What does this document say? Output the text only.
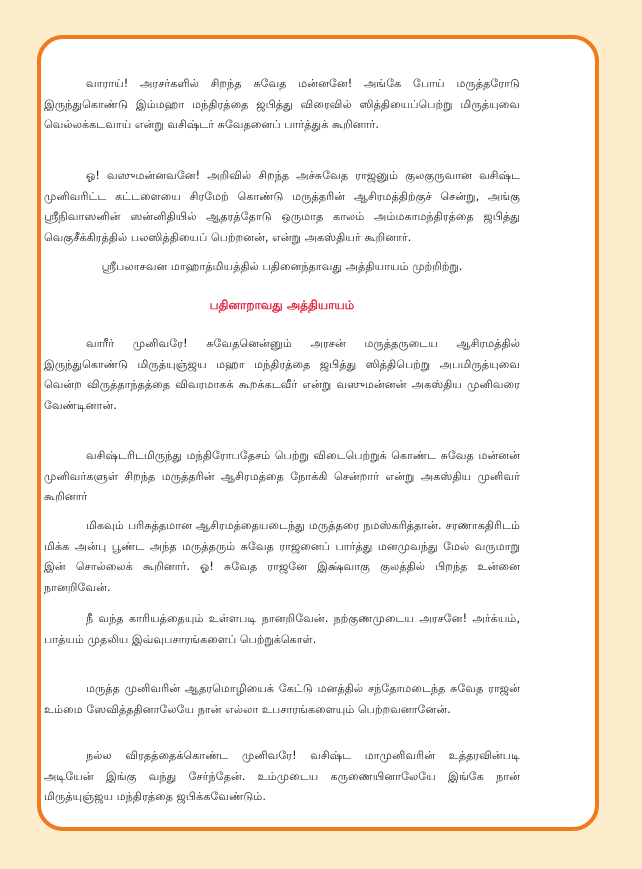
வாராய்! அரசர்களில் சிறந்த சுவேத மன்னனே! அங்கே போய் மருத்தரோடு இருந்துகொண்டு இம்மஹா மந்திரத்தை ஜபித்து விரைவில் ஸித்தியைப்பெற்று மிருத்யுவை வெல்லக்கடவாய் என்று வசிஷ்டர் சுவேதனைப் பார்த்துக் கூறினார்.

ஓ! வஸுமன்னவனே! அறிவில் சிறந்த அச்சுவேத ராஜனும் குலகுருவான வசிஷ்ட முனிவரிட்ட கட்டளையை சிரமேற் கொண்டு மருத்தரின் ஆசிரமத்திற்குச் சென்று, அங்கு ஸ்ரீநிவாஸனின் ஸன்னிதியில் ஆதரத்தோடு ஒருமாத காலம் அம்மகாமந்திரத்தை ஜபித்து வெகுசீக்கிரத்தில் பலஸித்தியைப் பெற்றனன், என்று அகஸ்தியர் கூறினார்.

ஸ்ரீபலாசவன மாஹாத்மியத்தில் பதினைந்தாவது அத்தியாயம் முற்றிற்று.

பதினாறாவது அத்தியாயம்

வாரீர் முனிவரே! சுவேதனென்னும் அரசன் மருத்தருடைய ஆசிரமத்தில் இருந்துகொண்டு மிருத்யுஞ்ஜய மஹா மந்திரத்தை ஜபித்து ஸித்திபெற்று அபமிருத்யுவை வென்ற விருத்தாந்தத்தை விவரமாகக் கூறக்கடவீர் என்று வஸுமன்னன் அகஸ்திய முனிவரை வேண்டினான்.

வசிஷ்டரிடமிருந்து மந்திரோபதேசம் பெற்று விடைபெற்றுக் கொண்ட சுவேத மன்னன் முனிவர்களுள் சிறந்த மருத்தரின் ஆசிரமத்தை நோக்கி சென்றார் என்று அகஸ்திய முனிவர் கூறினார்

மிகவும் பரிசுத்தமான ஆசிரமத்தையடைந்து மருத்தரை நமஸ்கரித்தான். சரணாகதிரிடம் மிக்க அன்பு பூண்ட அந்த மருத்தரும் சுவேத ராஜனைப் பார்த்து மனமுவந்து மேல் வருமாறு இன் சொல்லைக் கூறினார். ஓ! சுவேத ராஜனே இக்ஷ்வாகு குலத்தில் பிறந்த உன்னை நானறிவேன்.

நீ வந்த காரியத்தையும் உள்ளபடி நானறிவேன். நற்குணமுடைய அரசனே! அர்க்யம், பாத்யம் முதலிய இவ்வுபசாரங்களைப் பெற்றுக்கொள்.

மருத்த முனிவரின் ஆதரமொழியைக் கேட்டு மனத்தில் சந்தோமடைந்த சுவேத ராஜன் உம்மை ஸேவித்ததினாலேயே நான் எல்லா உபசாரங்களையும் பெற்றவனானேன்.

நல்ல விரதத்தைக்கொண்ட முனிவரே! வசிஷ்ட மாமுனிவரின் உத்தரவின்படி அடியேன் இங்கு வந்து சேர்ந்தேன். உம்முடைய கருணையினாலேயே இங்கே நான் மிருத்யுஞ்ஜய மந்திரத்தை ஜபிக்கவேண்டும்.
